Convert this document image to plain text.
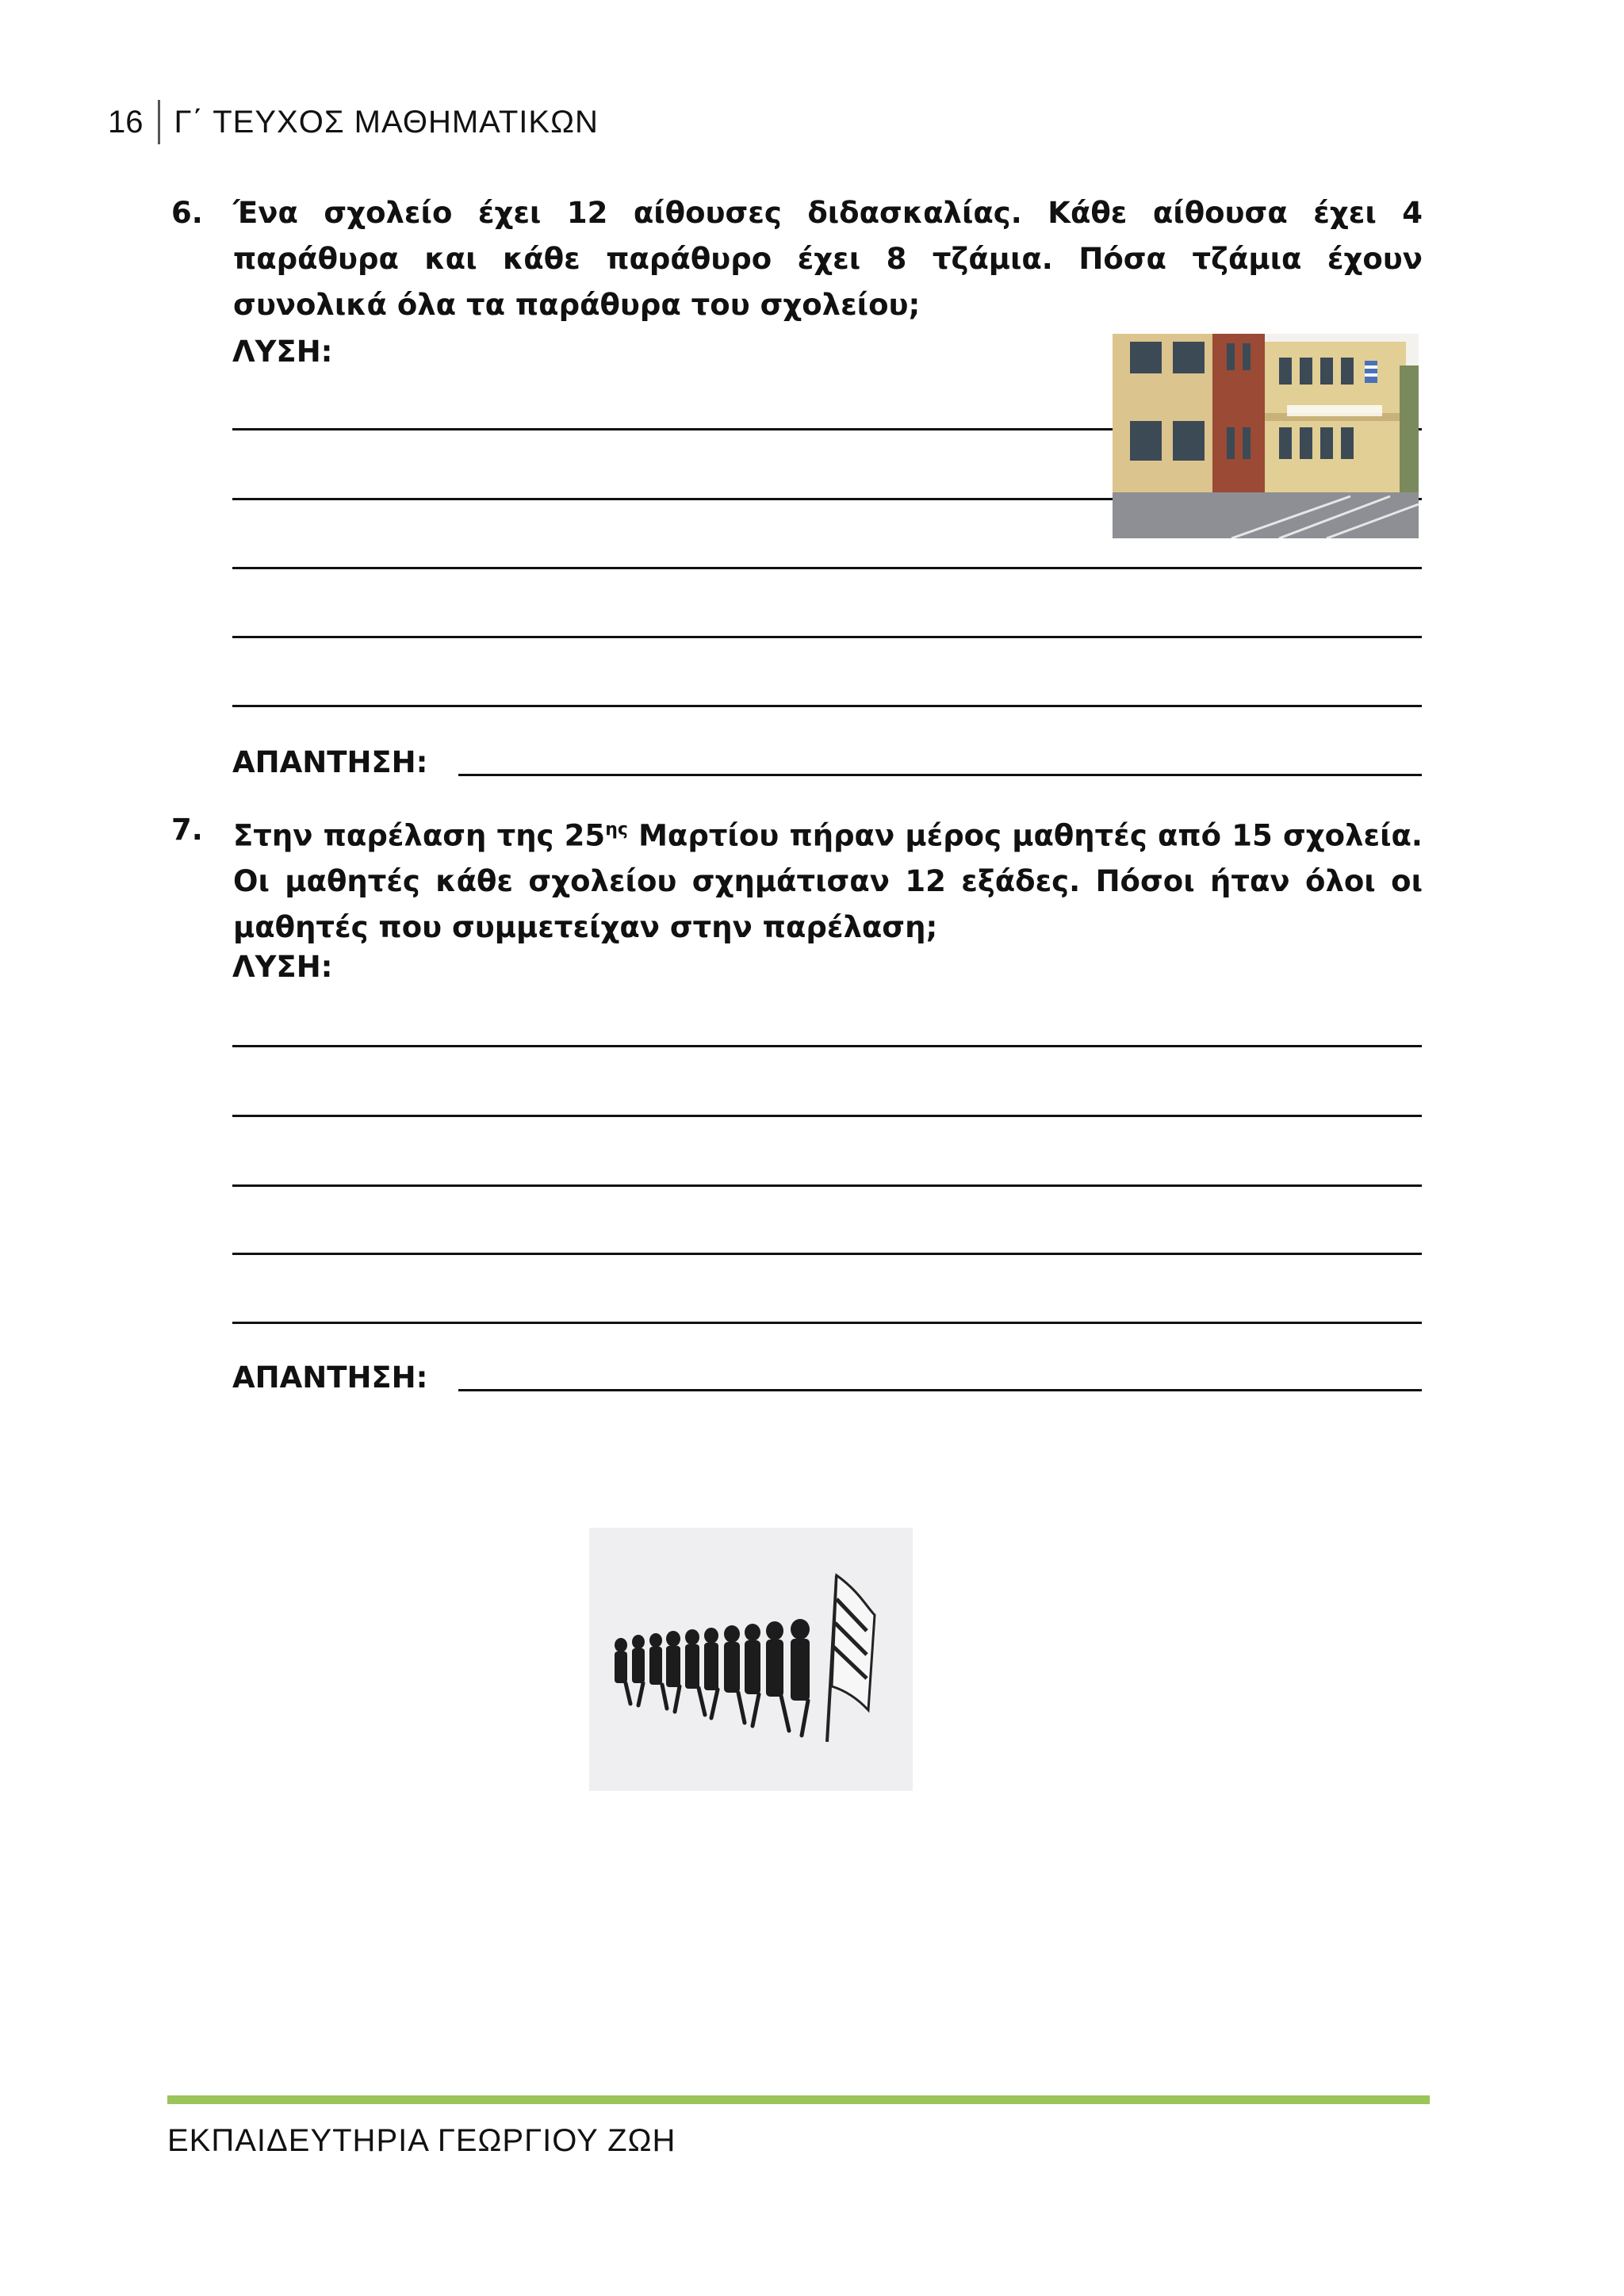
16 Γ΄ ΤΕΥΧΟΣ ΜΑΘΗΜΑΤΙΚΩΝ
6. Ένα σχολείο έχει 12 αίθουσες διδασκαλίας. Κάθε αίθουσα έχει 4 παράθυρα και κάθε παράθυρο έχει 8 τζάμια. Πόσα τζάμια έχουν συνολικά όλα τα παράθυρα του σχολείου;
ΛΥΣΗ:
ΑΠΑΝΤΗΣΗ:
7. Στην παρέλαση της $25^{\eta\varsigma}$ Μαρτίου πήραν μέρος μαθητές από 15 σχολεία. Οι μαθητές κάθε σχολείου σχημάτισαν 12 εξάδες. Πόσοι ήταν όλοι οι μαθητές που συμμετείχαν στην παρέλαση;
ΛΥΣΗ:
ΑΠΑΝΤΗΣΗ:
ΕΚΠΑΙΔΕΥΤΗΡΙΑ ΓΕΩΡΓΙΟΥ ΖΩΗ
